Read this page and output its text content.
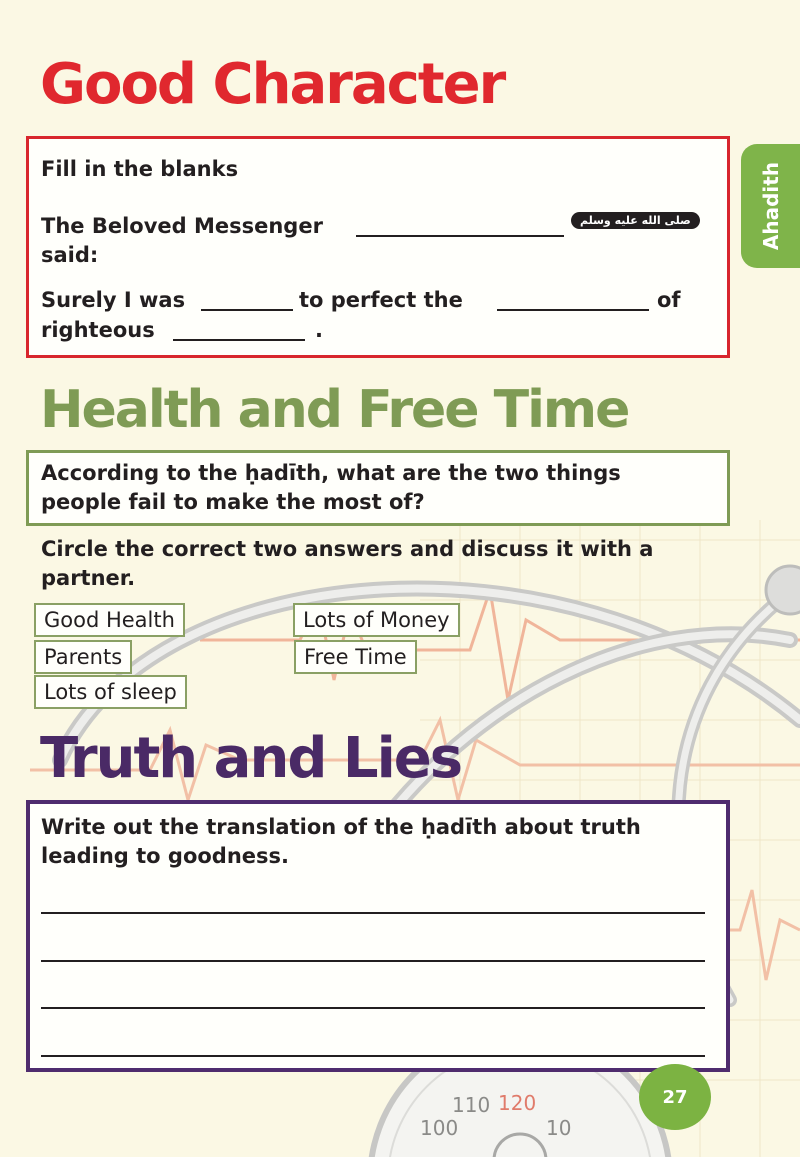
110 120
100	10
Good Character
Fill in the blanks
The Beloved Messenger	صلى الله عليه وسلم
said:
Surely I was	to perfect the	of
righteous	.
Health and Free Time
According to the ḥadīth, what are the two things
people fail to make the most of?
Circle the correct two answers and discuss it with a
partner.
Good Health	Lots of Money
Parents	Free Time
Lots of sleep
Truth and Lies
Write out the translation of the ḥadīth about truth
leading to goodness.
Ahadith
27
